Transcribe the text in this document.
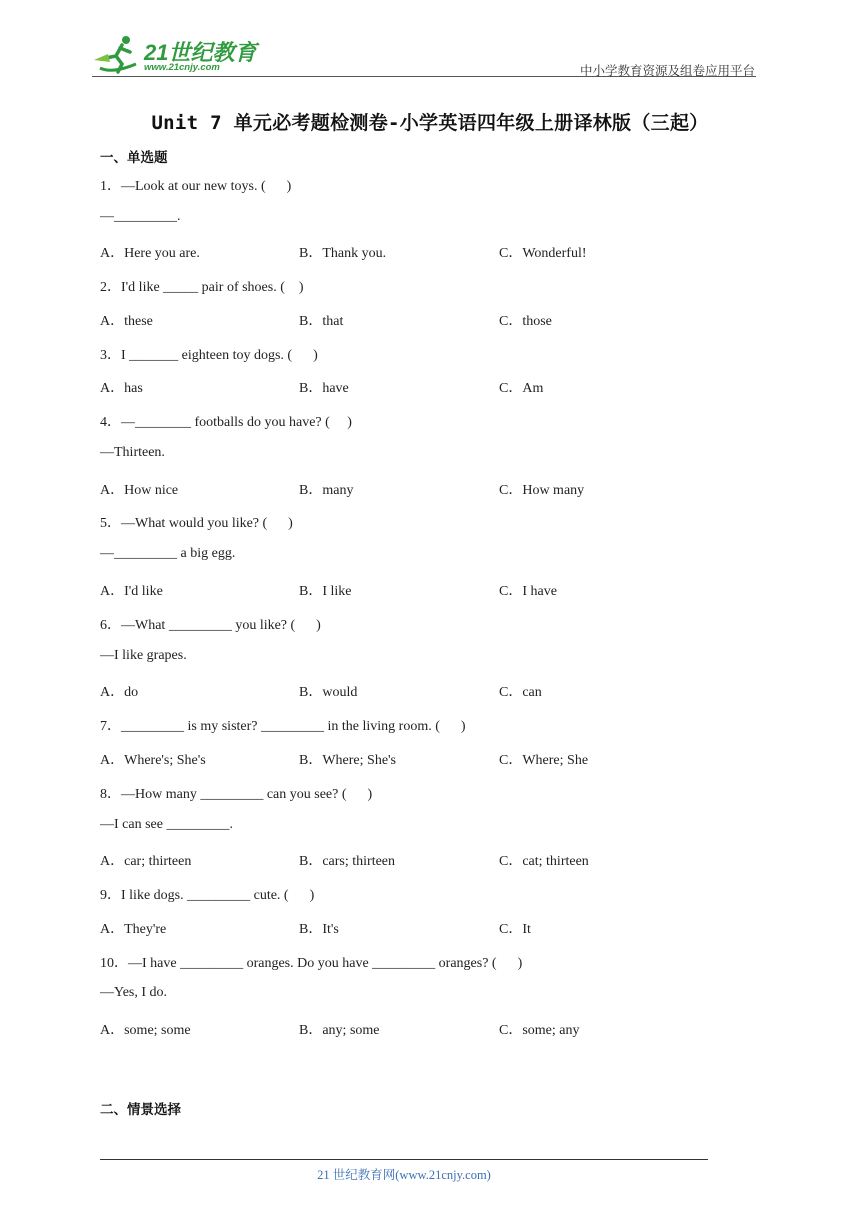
21世纪教育
www.21cnjy.com	中小学教育资源及组卷应用平台
Unit 7 单元必考题检测卷-小学英语四年级上册译林版（三起）
一、单选题
1．—Look at our new toys. (      )
—_________.
A．Here you are.	B．Thank you.	C．Wonderful!
2．I'd like _____ pair of shoes. (    )
A．these	B．that	C．those
3．I _______ eighteen toy dogs. (      )
A．has	B．have	C．Am
4．—________ footballs do you have? (     )
—Thirteen.
A．How nice	B．many	C．How many
5．—What would you like? (      )
—_________ a big egg.
A．I'd like	B．I like	C．I have
6．—What _________ you like? (      )
—I like grapes.
A．do	B．would	C．can
7．_________ is my sister? _________ in the living room. (      )
A．Where's; She's	B．Where; She's	C．Where; She
8．—How many _________ can you see? (      )
—I can see _________.
A．car; thirteen	B．cars; thirteen	C．cat; thirteen
9．I like dogs. _________ cute. (      )
A．They're	B．It's	C．It
10．—I have _________ oranges. Do you have _________ oranges? (      )
—Yes, I do.
A．some; some	B．any; some	C．some; any
二、情景选择
21 世纪教育网(www.21cnjy.com)
